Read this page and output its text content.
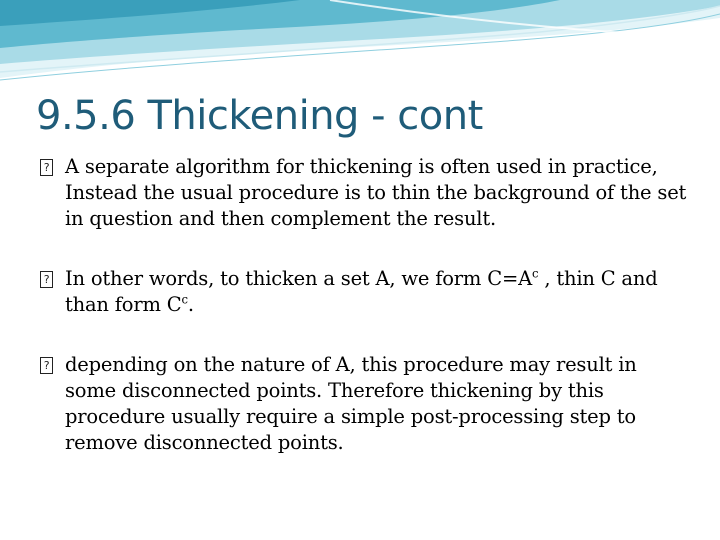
9.5.6 Thickening - cont
? A separate algorithm for thickening is often used in practice, Instead the usual procedure is to thin the background of the set in question and then complement the result.
? In other words, to thicken a set A, we form $C=A^c$ , thin C and than form $C^c$.
? depending on the nature of A, this procedure may result in some disconnected points. Therefore thickening by this procedure usually require a simple post-processing step to remove disconnected points.
